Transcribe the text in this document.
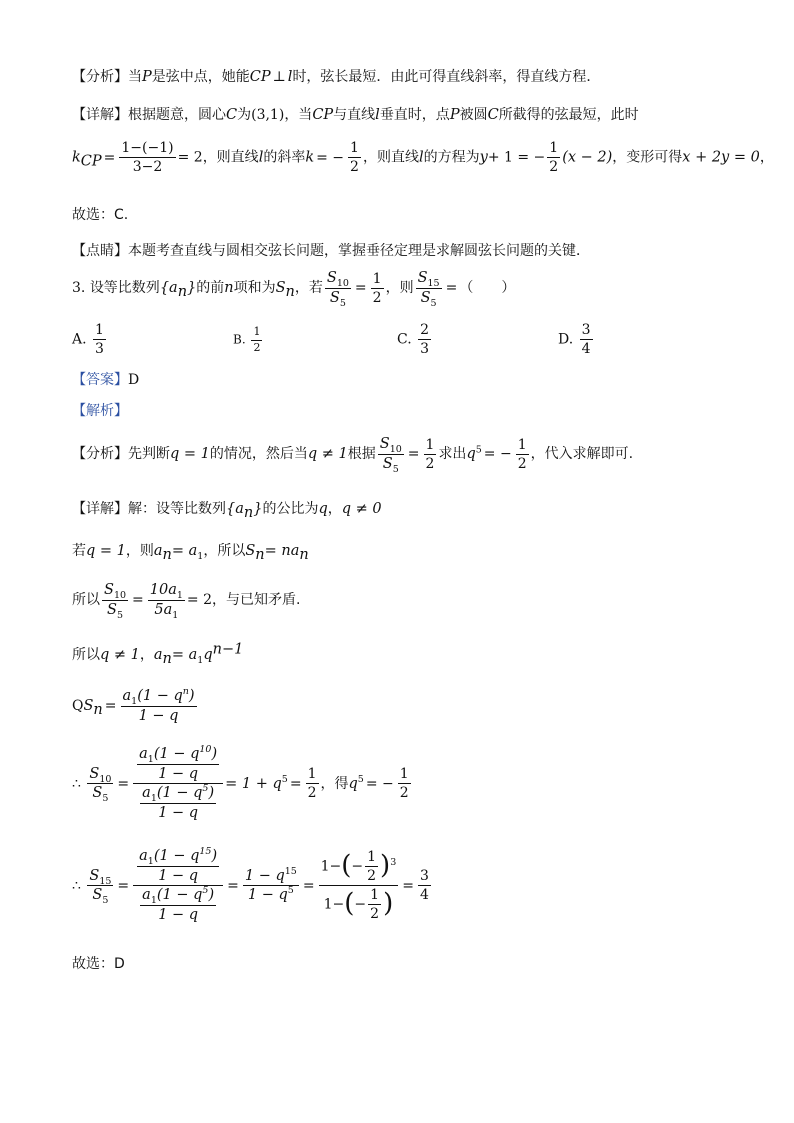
【分析】当P是弦中点，她能CP ⊥ l时，弦长最短．由此可得直线斜率，得直线方程．
【详解】根据题意，圆心C为(3,1)，当CP与直线l垂直时，点P被圆C所截得的弦最短，此时
$k_{CP} = \frac{1-(-1)}{3-2} = 2$，则直线l的斜率k = − $\frac{1}{2}$ ，则直线l的方程为y+ 1 = − $\frac{1}{2} (x - 2)$，变形可得x + 2y = 0，
故选：C.
【点睛】本题考查直线与圆相交弦长问题，掌握垂径定理是求解圆弦长问题的关键．
3. 设等比数列$\{a_n\}$的前n项和为$S_n$，若 $\frac{S_{10}}{S_5} = \frac{1}{2}$ ，则 $\frac{S_{15}}{S_5}$ = （　　）
A. $\frac{1}{3}$	B. $\frac{1}{2}$	C. $\frac{2}{3}$	D. $\frac{3}{4}$
【答案】D
【解析】
【分析】先判断q = 1的情况，然后当q ≠ 1根据 $\frac{S_{10}}{S_5} = \frac{1}{2}$ 求出$q^5$ = − $\frac{1}{2}$ ，代入求解即可.
【详解】解：设等比数列$\{a_n\}$的公比为q，q ≠ 0
若q = 1，则$a_n= a_1$，所以$S_n= na_n$
所以 $\frac{S_{10}}{S_5} = \frac{10a_1}{5a_1} = 2$，与已知矛盾.
所以q ≠ 1，$a_n= a_1q^{n-1}$
$QS_n = \frac{a_1(1 - q^n)}{1 - q}$
∴ $\frac{S_{10}}{S_5} = \frac{\frac{a_1(1 - q^{10})}{1 - q}}{\frac{a_1(1 - q^5)}{1 - q}} = 1 + q^5 = \frac{1}{2}$ ，得$q^5$ = − $\frac{1}{2}$
∴ $\frac{S_{15}}{S_5} = \frac{\frac{a_1(1 - q^{15})}{1 - q}}{\frac{a_1(1 - q^5)}{1 - q}} = \frac{1 - q^{15}}{1 - q^5} = \frac{1-(- \frac{1}{2} )^3}{1-(- \frac{1}{2} )} = \frac{3}{4}$
故选：D
